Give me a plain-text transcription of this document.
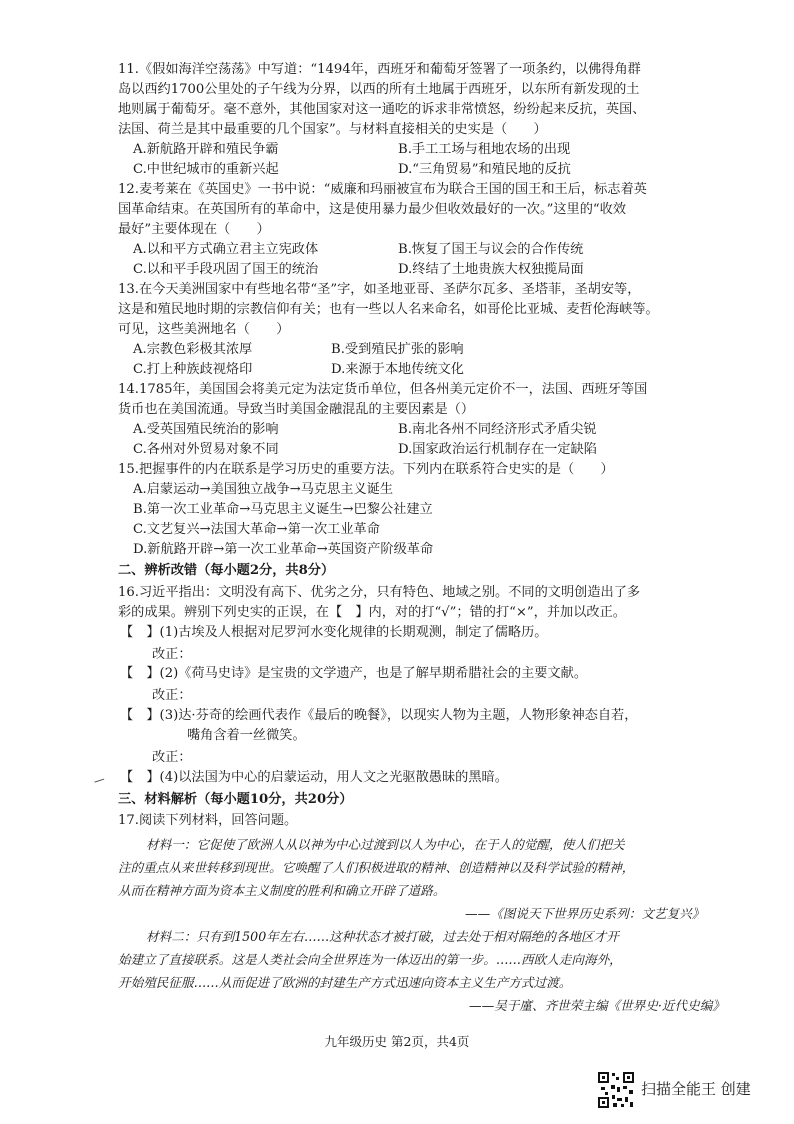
11.《假如海洋空荡荡》中写道：“1494年，西班牙和葡萄牙签署了一项条约，以佛得角群
岛以西约1700公里处的子午线为分界，以西的所有土地属于西班牙，以东所有新发现的土
地则属于葡萄牙。毫不意外，其他国家对这一通吃的诉求非常愤怒，纷纷起来反抗，英国、
法国、荷兰是其中最重要的几个国家”。与材料直接相关的史实是（　　）
A.新航路开辟和殖民争霸	B.手工工场与租地农场的出现
C.中世纪城市的重新兴起	D.“三角贸易”和殖民地的反抗
12.麦考莱在《英国史》一书中说：“威廉和玛丽被宣布为联合王国的国王和王后，标志着英
国革命结束。在英国所有的革命中，这是使用暴力最少但收效最好的一次。”这里的“收效
最好”主要体现在（　　）
A.以和平方式确立君主立宪政体	B.恢复了国王与议会的合作传统
C.以和平手段巩固了国王的统治	D.终结了土地贵族大权独揽局面
13.在今天美洲国家中有些地名带“圣”字，如圣地亚哥、圣萨尔瓦多、圣塔菲，圣胡安等，
这是和殖民地时期的宗教信仰有关；也有一些以人名来命名，如哥伦比亚城、麦哲伦海峡等。
可见，这些美洲地名（　　）
A.宗教色彩极其浓厚	B.受到殖民扩张的影响
C.打上种族歧视烙印	D.来源于本地传统文化
14.1785年，美国国会将美元定为法定货币单位，但各州美元定价不一，法国、西班牙等国
货币也在美国流通。导致当时美国金融混乱的主要因素是（）
A.受英国殖民统治的影响	B.南北各州不同经济形式矛盾尖锐
C.各州对外贸易对象不同	D.国家政治运行机制存在一定缺陷
15.把握事件的内在联系是学习历史的重要方法。下列内在联系符合史实的是（　　）
A.启蒙运动→美国独立战争→马克思主义诞生
B.第一次工业革命→马克思主义诞生→巴黎公社建立
C.文艺复兴→法国大革命→第一次工业革命
D.新航路开辟→第一次工业革命→英国资产阶级革命
二、辨析改错（每小题2分，共8分）
16.习近平指出：文明没有高下、优劣之分，只有特色、地域之别。不同的文明创造出了多
彩的成果。辨别下列史实的正误，在【　】内，对的打“√”；错的打“×”，并加以改正。
【　】(1)古埃及人根据对尼罗河水变化规律的长期观测，制定了儒略历。
改正：
【　】(2)《荷马史诗》是宝贵的文学遗产，也是了解早期希腊社会的主要文献。
改正：
【　】(3)达·芬奇的绘画代表作《最后的晚餐》，以现实人物为主题，人物形象神态自若，
嘴角含着一丝微笑。
改正：
【　】(4)以法国为中心的启蒙运动，用人文之光驱散愚昧的黑暗。
三、材料解析（每小题10分，共20分）
17.阅读下列材料，回答问题。
材料一：它促使了欧洲人从以神为中心过渡到以人为中心，在于人的觉醒，使人们把关
注的重点从来世转移到现世。它唤醒了人们积极进取的精神、创造精神以及科学试验的精神，
从而在精神方面为资本主义制度的胜利和确立开辟了道路。
——《图说天下世界历史系列：文艺复兴》
材料二：只有到1500年左右……这种状态才被打破，过去处于相对隔绝的各地区才开
始建立了直接联系。这是人类社会向全世界连为一体迈出的第一步。……西欧人走向海外，
开始殖民征服……从而促进了欧洲的封建生产方式迅速向资本主义生产方式过渡。
——吴于廑、齐世荣主编《世界史·近代史编》
九年级历史 第2页，共4页
扫描全能王 创建
